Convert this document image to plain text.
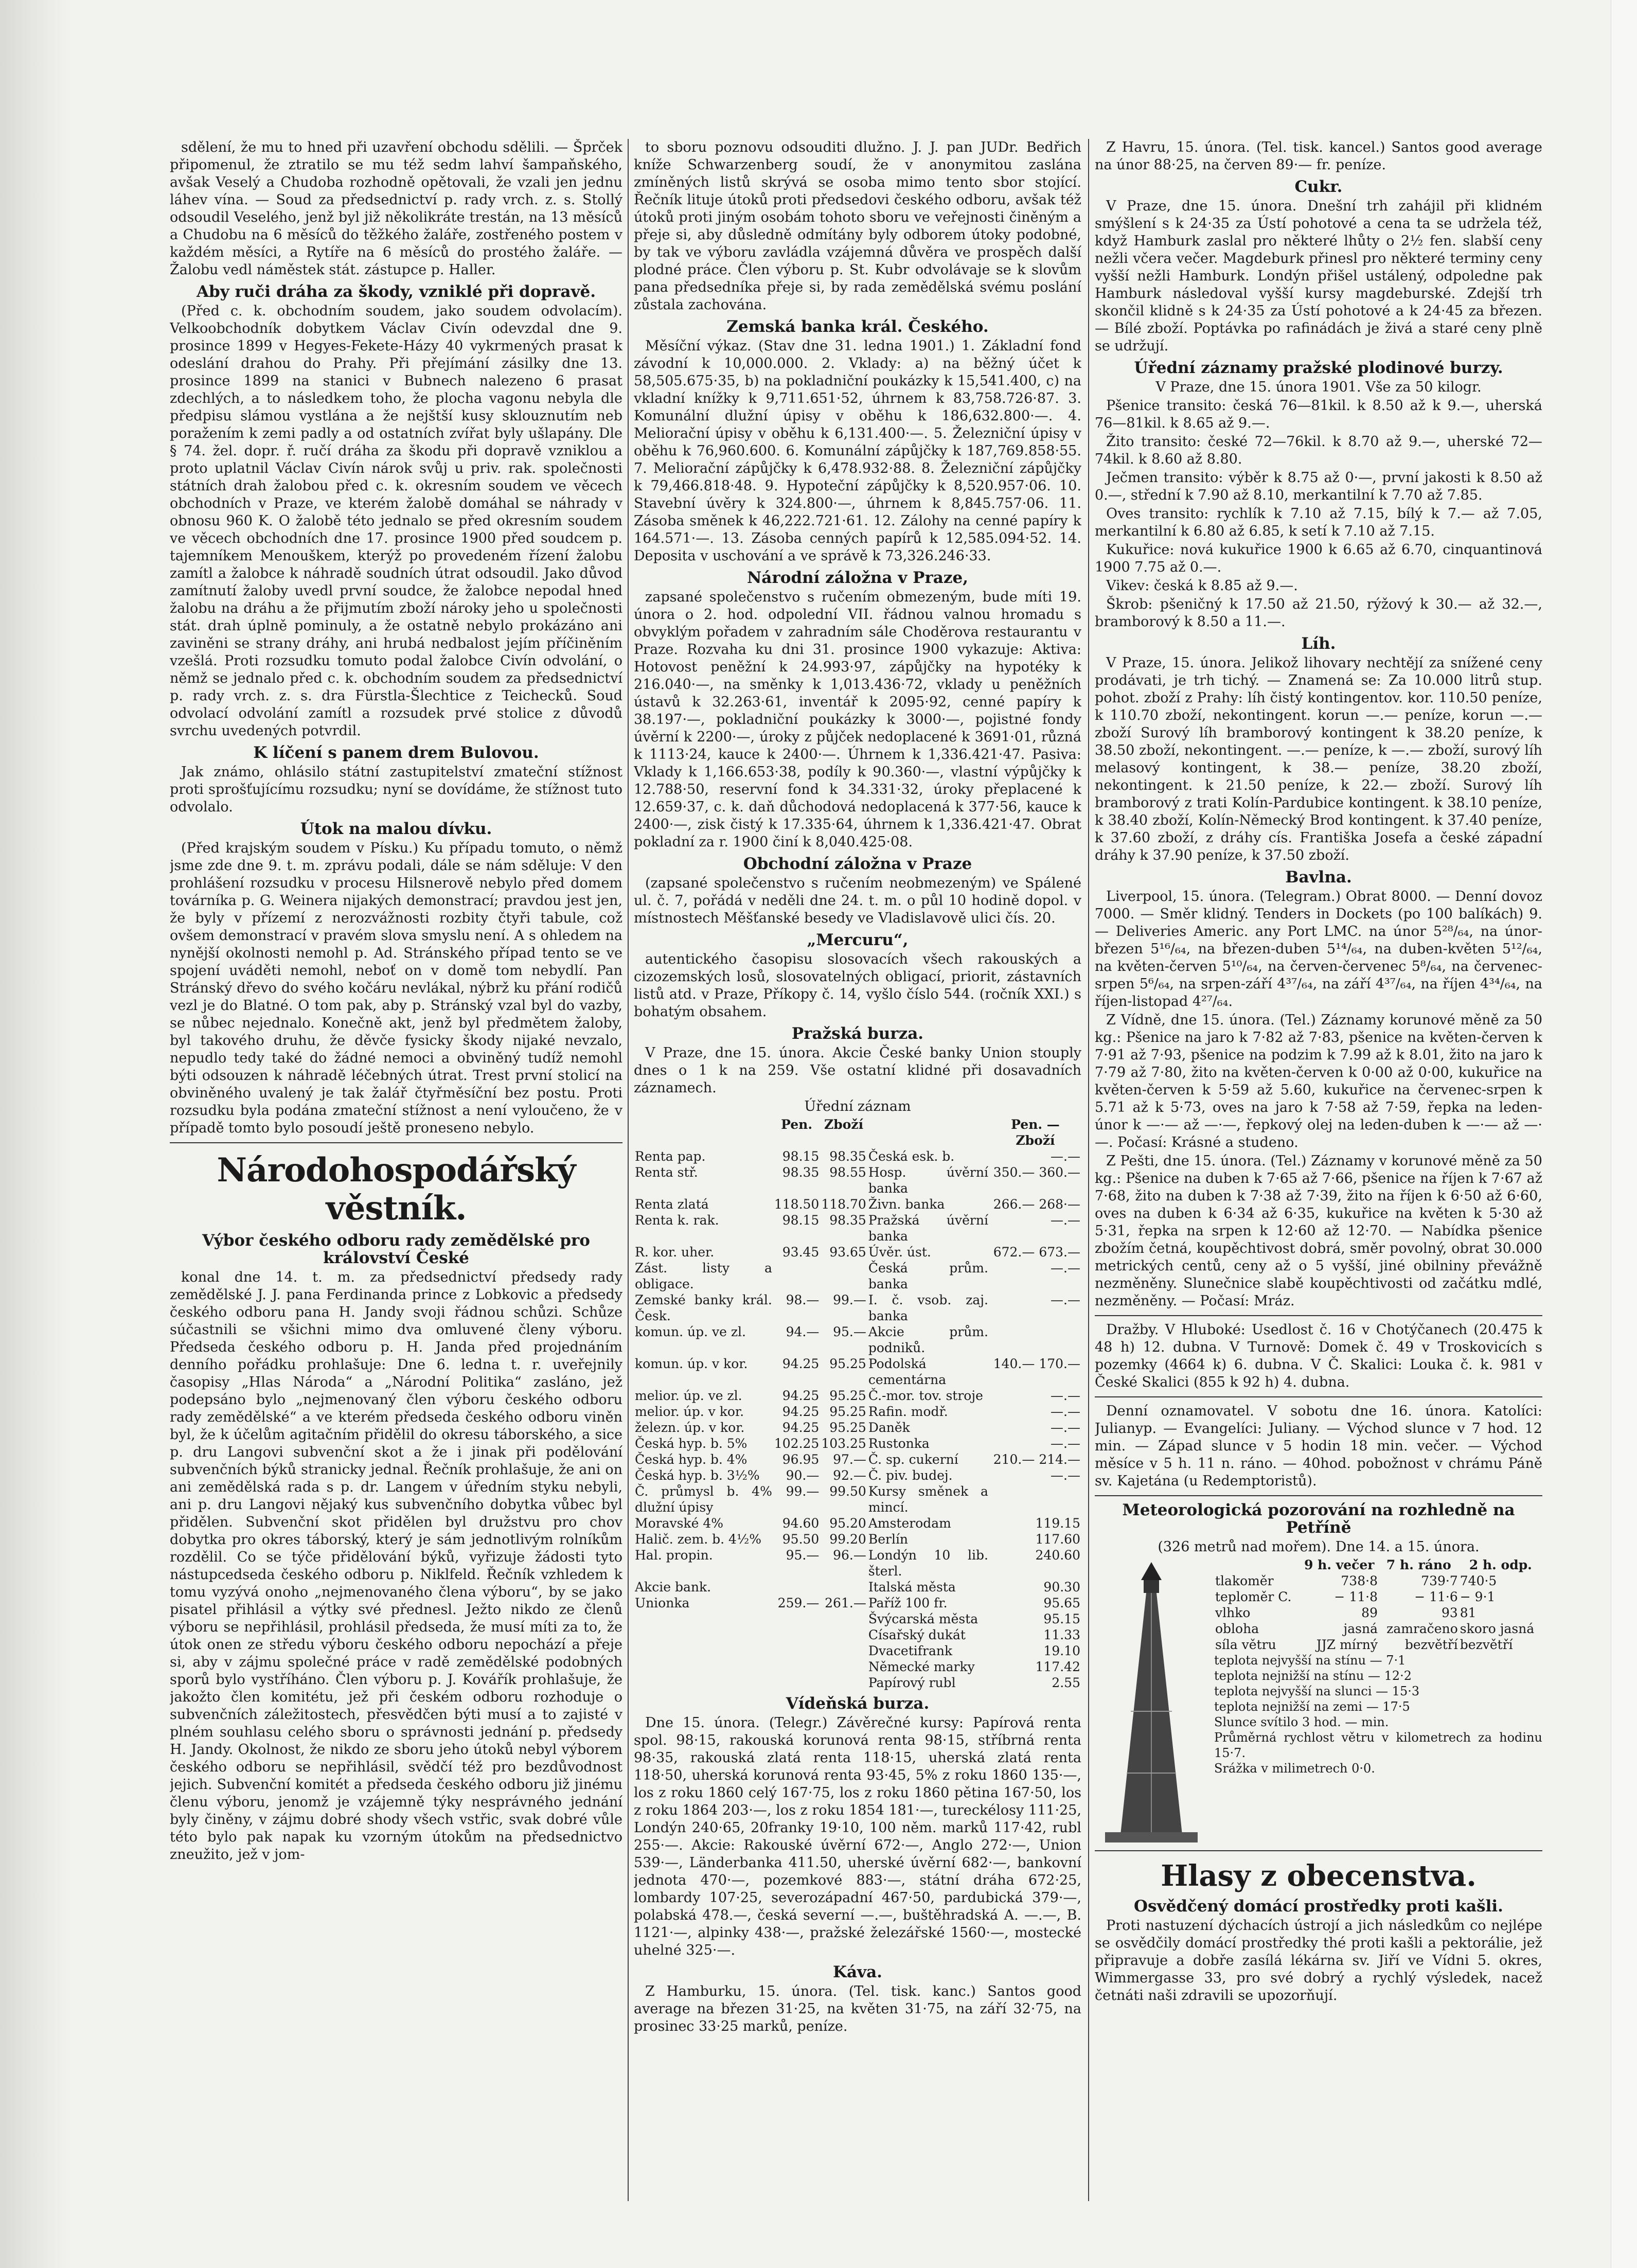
sdělení, že mu to hned při uzavření obchodu sdělili. — Šprček připomenul, že ztratilo se mu též sedm lahví šampaňského, avšak Veselý a Chudoba rozhodně opětovali, že vzali jen jednu láhev vína. — Soud za předsednictví p. rady vrch. z. s. Stollý odsoudil Veselého, jenž byl již několikráte trestán, na 13 měsíců a Chudobu na 6 měsíců do těžkého žaláře, zostřeného postem v každém měsíci, a Rytíře na 6 měsíců do prostého žaláře. — Žalobu vedl náměstek stát. zástupce p. Haller.

Aby ruči dráha za škody, vzniklé při dopravě.

(Před c. k. obchodním soudem, jako soudem odvolacím). Velkoobchodník dobytkem Václav Civín odevzdal dne 9. prosince 1899 v Hegyes-Fekete-Házy 40 vykrmených prasat k odeslání drahou do Prahy. Při přejímání zásilky dne 13. prosince 1899 na stanici v Bubnech nalezeno 6 prasat zdechlých, a to následkem toho, že plocha vagonu nebyla dle předpisu slámou vystlána a že nejštší kusy sklouznutím neb poražením k zemi padly a od ostatních zvířat byly ušlapány. Dle § 74. žel. dopr. ř. ručí dráha za škodu při dopravě vzniklou a proto uplatnil Václav Civín nárok svůj u priv. rak. společnosti státních drah žalobou před c. k. okresním soudem ve věcech obchodních v Praze, ve kterém žalobě domáhal se náhrady v obnosu 960 K. O žalobě této jednalo se před okresním soudem ve věcech obchodních dne 17. prosince 1900 před soudcem p. tajemníkem Menouškem, kterýž po provedeném řízení žalobu zamítl a žalobce k náhradě soudních útrat odsoudil. Jako důvod zamítnutí žaloby uvedl první soudce, že žalobce nepodal hned žalobu na dráhu a že přijmutím zboží nároky jeho u společnosti stát. drah úplně pominuly, a že ostatně nebylo prokázáno ani zaviněni se strany dráhy, ani hrubá nedbalost jejím příčiněním vzešlá. Proti rozsudku tomuto podal žalobce Civín odvolání, o němž se jednalo před c. k. obchodním soudem za předsednictví p. rady vrch. z. s. dra Fürstla-Šlechtice z Teichecků. Soud odvolací odvolání zamítl a rozsudek prvé stolice z důvodů svrchu uvedených potvrdil.

K líčení s panem drem Bulovou.

Jak známo, ohlásilo státní zastupitelství zmateční stížnost proti sprošťujícímu rozsudku; nyní se dovídáme, že stížnost tuto odvolalo.

Útok na malou dívku.

(Před krajským soudem v Písku.) Ku případu tomuto, o němž jsme zde dne 9. t. m. zprávu podali, dále se nám sděluje: V den prohlášení rozsudku v procesu Hilsnerově nebylo před domem továrníka p. G. Weinera nijakých demonstrací; pravdou jest jen, že byly v přízemí z nerozvážnosti rozbity čtyři tabule, což ovšem demonstrací v pravém slova smyslu není. A s ohledem na nynější okolnosti nemohl p. Ad. Stránského případ tento se ve spojení uváděti nemohl, neboť on v domě tom nebydlí. Pan Stránský dřevo do svého kočáru nevlákal, nýbrž ku přání rodičů vezl je do Blatné. O tom pak, aby p. Stránský vzal byl do vazby, se nůbec nejednalo. Konečně akt, jenž byl předmětem žaloby, byl takového druhu, že děvče fysicky škody nijaké nevzalo, nepudlo tedy také do žádné nemoci a obviněný tudíž nemohl býti odsouzen k náhradě léčebných útrat. Trest první stolicí na obviněného uvalený je tak žalář čtyřměsíční bez postu. Proti rozsudku byla podána zmateční stížnost a není vyloučeno, že v případě tomto bylo posoudí ještě proneseno nebylo.

Národohospodářský věstník.
Výbor českého odboru rady zemědělské pro království České

konal dne 14. t. m. za předsednictví předsedy rady zemědělské J. J. pana Ferdinanda prince z Lobkovic a předsedy českého odboru pana H. Jandy svoji řádnou schůzi. Schůze súčastnili se všichni mimo dva omluvené členy výboru. Předseda českého odboru p. H. Janda před projednáním denního pořádku prohlašuje: Dne 6. ledna t. r. uveřejnily časopisy „Hlas Národa“ a „Národní Politika“ zasláno, jež podepsáno bylo „nejmenovaný člen výboru českého odboru rady zemědělské“ a ve kterém předseda českého odboru viněn byl, že k účelům agitačním přidělil do okresu táborského, a sice p. dru Langovi subvenční skot a že i jinak při podělování subvenčních býků stranicky jednal. Řečník prohlašuje, že ani on ani zemědělská rada s p. dr. Langem v úředním styku nebyli, ani p. dru Langovi nějaký kus subvenčního dobytka vůbec byl přidělen. Subvenční skot přidělen byl družstvu pro chov dobytka pro okres táborský, který je sám jednotlivým rolníkům rozdělil. Co se týče přidělování býků, vyřizuje žádosti tyto nástupcedseda českého odboru p. Niklfeld. Řečník vzhledem k tomu vyzývá onoho „nejmenovaného člena výboru“, by se jako pisatel přihlásil a výtky své přednesl. Ježto nikdo ze členů výboru se nepřihlásil, prohlásil předseda, že musí míti za to, že útok onen ze středu výboru českého odboru nepochází a přeje si, aby v zájmu společné práce v radě zemědělské podobných sporů bylo vystříháno. Člen výboru p. J. Kovářík prohlašuje, že jakožto člen komitétu, jež při českém odboru rozhoduje o subvenčních záležitostech, přesvědčen býti musí a to zajisté v plném souhlasu celého sboru o správnosti jednání p. předsedy H. Jandy. Okolnost, že nikdo ze sboru jeho útoků nebyl výborem českého odboru se nepřihlásil, svědčí též pro bezdůvodnost jejich. Subvenční komitét a předseda českého odboru již jinému členu výboru, jenomž je vzájemně týky nesprávného jednání byly činěny, v zájmu dobré shody všech vstřic, svak dobré vůle této bylo pak napak ku vzorným útokům na předsednictvo zneužito, jež v jom-

to sboru poznovu odsouditi dlužno. J. J. pan JUDr. Bedřich kníže Schwarzenberg soudí, že v anonymitou zaslána zmíněných listů skrývá se osoba mimo tento sbor stojící. Řečník lituje útoků proti předsedovi českého odboru, avšak též útoků proti jiným osobám tohoto sboru ve veřejnosti činěným a přeje si, aby důsledně odmítány byly odborem útoky podobné, by tak ve výboru zavládla vzájemná důvěra ve prospěch další plodné práce. Člen výboru p. St. Kubr odvolávaje se k slovům pana předsedníka přeje si, by rada zemědělská svému poslání zůstala zachována.

Zemská banka král. Českého.

Měsíční výkaz. (Stav dne 31. ledna 1901.) 1. Základní fond závodní k 10,000.000. 2. Vklady: a) na běžný účet k 58,505.675·35, b) na pokladniční poukázky k 15,541.400, c) na vkladní knížky k 9,711.651·52, úhrnem k 83,758.726·87. 3. Komunální dlužní úpisy v oběhu k 186,632.800·—. 4. Meliorační úpisy v oběhu k 6,131.400·—. 5. Železniční úpisy v oběhu k 76,960.600. 6. Komunální zápůjčky k 187,769.858·55. 7. Meliorační zápůjčky k 6,478.932·88. 8. Železniční zápůjčky k 79,466.818·48. 9. Hypoteční zápůjčky k 8,520.957·06. 10. Stavební úvěry k 324.800·—, úhrnem k 8,845.757·06. 11. Zásoba směnek k 46,222.721·61. 12. Zálohy na cenné papíry k 164.571·—. 13. Zásoba cenných papírů k 12,585.094·52. 14. Deposita v uschování a ve správě k 73,326.246·33.

Národní záložna v Praze,

zapsané společenstvo s ručením obmezeným, bude míti 19. února o 2. hod. odpolední VII. řádnou valnou hromadu s obvyklým pořadem v zahradním sále Choděrova restaurantu v Praze. Rozvaha ku dni 31. prosince 1900 vykazuje: Aktiva: Hotovost peněžní k 24.993·97, zápůjčky na hypotéky k 216.040·—, na směnky k 1,013.436·72, vklady u peněžních ústavů k 32.263·61, inventář k 2095·92, cenné papíry k 38.197·—, pokladniční poukázky k 3000·—, pojistné fondy úvěrní k 2200·—, úroky z půjček nedoplacené k 3691·01, různá k 1113·24, kauce k 2400·—. Úhrnem k 1,336.421·47. Pasiva: Vklady k 1,166.653·38, podíly k 90.360·—, vlastní výpůjčky k 12.788·50, reservní fond k 34.331·32, úroky přeplacené k 12.659·37, c. k. daň důchodová nedoplacená k 377·56, kauce k 2400·—, zisk čistý k 17.335·64, úhrnem k 1,336.421·47. Obrat pokladní za r. 1900 činí k 8,040.425·08.

Obchodní záložna v Praze

(zapsané společenstvo s ručením neobmezeným) ve Spálené ul. č. 7, pořádá v neděli dne 24. t. m. o půl 10 hodině dopol. v místnostech Měšťanské besedy ve Vladislavově ulici čís. 20.

„Mercuru“,

autentického časopisu slosovacích všech rakouských a cizozemských losů, slosovatelných obligací, priorit, zástavních listů atd. v Praze, Příkopy č. 14, vyšlo číslo 544. (ročník XXI.) s bohatým obsahem.

Pražská burza.

V Praze, dne 15. února. Akcie České banky Union stouply dnes o 1 k na 259. Vše ostatní klidné při dosavadních záznamech.

Úřední záznam

	Pen.	Zboží		Pen. — Zboží
Renta pap.	98.15	98.35	Česká esk. b.	—.—
Renta stř.	98.35	98.55	Hosp. úvěrní banka	350.— 360.—
Renta zlatá	118.50	118.70	Živn. banka	266.— 268·—
Renta k. rak.	98.15	98.35	Pražská úvěrní banka	—.—
R. kor. uher.	93.45	93.65	Úvěr. úst.	672.— 673.—
Zást. listy a obligace.			Česká prům. banka	—.—
Zemské banky král. Česk.	98.—	99.—	I. č. vsob. zaj. banka	—.—
komun. úp. ve zl.	94.—	95.—	Akcie prům. podniků.	
komun. úp. v kor.	94.25	95.25	Podolská cementárna	140.— 170.—
melior. úp. ve zl.	94.25	95.25	Č.-mor. tov. stroje	—.—
melior. úp. v kor.	94.25	95.25	Rafin. modř.	—.—
železn. úp. v kor.	94.25	95.25	Daněk	—.—
Česká hyp. b. 5%	102.25	103.25	Rustonka	—.—
Česká hyp. b. 4%	96.95	97.—	Č. sp. cukerní	210.— 214.—
Česká hyp. b. 3½%	90.—	92.—	Č. piv. budej.	—.—
Č. průmysl b. 4% dlužní úpisy	99.—	99.50	Kursy směnek a mincí.	
Moravské 4%	94.60	95.20	Amsterodam	119.15
Halič. zem. b. 4½%	95.50	99.20	Berlín	117.60
Hal. propin.	95.—	96.—	Londýn 10 lib. šterl.	240.60
Akcie bank.			Italská města	90.30
Unionka	259.—	261.—	Paříž 100 fr.	95.65
			Švýcarská města	95.15
			Císařský dukát	11.33
			Dvacetifrank	19.10
			Německé marky	117.42
			Papírový rubl	2.55
Vídeňská burza.

Dne 15. února. (Telegr.) Závěrečné kursy: Papírová renta spol. 98·15, rakouská korunová renta 98·15, stříbrná renta 98·35, rakouská zlatá renta 118·15, uherská zlatá renta 118·50, uherská korunová renta 93·45, 5% z roku 1860 135·—, los z roku 1860 celý 167·75, los z roku 1860 pětina 167·50, los z roku 1864 203·—, los z roku 1854 181·—, tureckélosy 111·25, Londýn 240·65, 20franky 19·10, 100 něm. marků 117·42, rubl 255·—. Akcie: Rakouské úvěrní 672·—, Anglo 272·—, Union 539·—, Länderbanka 411.50, uherské úvěrní 682·—, bankovní jednota 470·—, pozemkové 883·—, státní dráha 672·25, lombardy 107·25, severozápadní 467·50, pardubická 379·—, polabská 478.—, česká severní —.—, buštěhradská A. —.—, B. 1121·—, alpinky 438·—, pražské železářské 1560·—, mostecké uhelné 325·—.

Káva.

Z Hamburku, 15. února. (Tel. tisk. kanc.) Santos good average na březen 31·25, na květen 31·75, na září 32·75, na prosinec 33·25 marků, peníze.

Z Havru, 15. února. (Tel. tisk. kancel.) Santos good average na únor 88·25, na červen 89·— fr. peníze.

Cukr.

V Praze, dne 15. února. Dnešní trh zahájil při klidném smýšlení s k 24·35 za Ústí pohotové a cena ta se udržela též, když Hamburk zaslal pro některé lhůty o 2½ fen. slabší ceny nežli včera večer. Magdeburk přinesl pro některé terminy ceny vyšší nežli Hamburk. Londýn přišel ustálený, odpoledne pak Hamburk následoval vyšší kursy magdeburské. Zdejší trh skončil klidně s k 24·35 za Ústí pohotové a k 24·45 za březen. — Bílé zboží. Poptávka po rafinádách je živá a staré ceny plně se udržují.

Úřední záznamy pražské plodinové burzy.

V Praze, dne 15. února 1901. Vše za 50 kilogr.

Pšenice transito: česká 76—81kil. k 8.50 až k 9.—, uherská 76—81kil. k 8.65 až 9.—.

Žito transito: české 72—76kil. k 8.70 až 9.—, uherské 72—74kil. k 8.60 až 8.80.

Ječmen transito: výběr k 8.75 až 0·—, první jakosti k 8.50 až 0.—, střední k 7.90 až 8.10, merkantilní k 7.70 až 7.85.

Oves transito: rychlík k 7.10 až 7.15, bílý k 7.— až 7.05, merkantilní k 6.80 až 6.85, k setí k 7.10 až 7.15.

Kukuřice: nová kukuřice 1900 k 6.65 až 6.70, cinquantinová 1900 7.75 až 0.—.

Vikev: česká k 8.85 až 9.—.

Škrob: pšeničný k 17.50 až 21.50, rýžový k 30.— až 32.—, bramborový k 8.50 a 11.—.

Líh.

V Praze, 15. února. Jelikož lihovary nechtějí za snížené ceny prodávati, je trh tichý. — Znamená se: Za 10.000 litrů stup. pohot. zboží z Prahy: líh čistý kontingentov. kor. 110.50 peníze, k 110.70 zboží, nekontingent. korun —.— peníze, korun —.— zboží Surový líh bramborový kontingent k 38.20 peníze, k 38.50 zboží, nekontingent. —.— peníze, k —.— zboží, surový líh melasový kontingent, k 38.— peníze, 38.20 zboží, nekontingent. k 21.50 peníze, k 22.— zboží. Surový líh bramborový z trati Kolín-Pardubice kontingent. k 38.10 peníze, k 38.40 zboží, Kolín-Německý Brod kontingent. k 37.40 peníze, k 37.60 zboží, z dráhy cís. Františka Josefa a české západní dráhy k 37.90 peníze, k 37.50 zboží.

Bavlna.

Liverpool, 15. února. (Telegram.) Obrat 8000. — Denní dovoz 7000. — Směr klidný. Tenders in Dockets (po 100 balíkách) 9. — Deliveries Americ. any Port LMC. na únor 5²⁸/₆₄, na únor-březen 5¹⁶/₆₄, na březen-duben 5¹⁴/₆₄, na duben-květen 5¹²/₆₄, na květen-červen 5¹⁰/₆₄, na červen-červenec 5⁸/₆₄, na červenec-srpen 5⁶/₆₄, na srpen-září 4³⁷/₆₄, na září 4³⁷/₆₄, na říjen 4³⁴/₆₄, na říjen-listopad 4²⁷/₆₄.

Z Vídně, dne 15. února. (Tel.) Záznamy korunové měně za 50 kg.: Pšenice na jaro k 7·82 až 7·83, pšenice na květen-červen k 7·91 až 7·93, pšenice na podzim k 7.99 až k 8.01, žito na jaro k 7·79 až 7·80, žito na květen-červen k 0·00 až 0·00, kukuřice na květen-červen k 5·59 až 5.60, kukuřice na červenec-srpen k 5.71 až k 5·73, oves na jaro k 7·58 až 7·59, řepka na leden-únor k —·— až —·—, řepkový olej na leden-duben k —·— až —·—. Počasí: Krásné a studeno.

Z Pešti, dne 15. února. (Tel.) Záznamy v korunové měně za 50 kg.: Pšenice na duben k 7·65 až 7·66, pšenice na říjen k 7·67 až 7·68, žito na duben k 7·38 až 7·39, žito na říjen k 6·50 až 6·60, oves na duben k 6·34 až 6·35, kukuřice na květen k 5·30 až 5·31, řepka na srpen k 12·60 až 12·70. — Nabídka pšenice zbožím četná, koupěchtivost dobrá, směr povolný, obrat 30.000 metrických centů, ceny až o 5 vyšší, jiné obilniny převážně nezměněny. Slunečnice slabě koupěchtivosti od začátku mdlé, nezměněny. — Počasí: Mráz.

Dražby. V Hluboké: Usedlost č. 16 v Chotýčanech (20.475 k 48 h) 12. dubna. V Turnově: Domek č. 49 v Troskovicích s pozemky (4664 k) 6. dubna. V Č. Skalici: Louka č. k. 981 v České Skalici (855 k 92 h) 4. dubna.

Denní oznamovatel. V sobotu dne 16. února. Katolíci: Julianyp. — Evangelíci: Juliany. — Východ slunce v 7 hod. 12 min. — Západ slunce v 5 hodin 18 min. večer. — Východ měsíce v 5 h. 11 n. ráno. — 40hod. pobožnost v chrámu Páně sv. Kajetána (u Redemptoristů).

Meteorologická pozorování na rozhledně na Petříně

(326 metrů nad mořem). Dne 14. a 15. února.

	9 h. večer	7 h. ráno	2 h. odp.
tlakoměr	738·8	739·7	740·5
teploměr C.	− 11·8	− 11·6	− 9·1
vlhko	89	93	81
obloha	jasná	zamračeno	skoro jasná
síla větru	JJZ mírný	bezvětří	bezvětří
teplota nejvyšší na stínu — 7·1
teplota nejnižší na stínu — 12·2
teplota nejvyšší na slunci — 15·3
teplota nejnižší na zemi — 17·5
Slunce svítilo 3 hod. — min.
Průměrná rychlost větru v kilometrech za hodinu 15·7.
Srážka v milimetrech 0·0.
Hlasy z obecenstva.
Osvědčený domácí prostředky proti kašli.

Proti nastuzení dýchacích ústrojí a jich následkům co nejlépe se osvědčily domácí prostředky thé proti kašli a pektorálie, jež připravuje a dobře zasílá lékárna sv. Jiří ve Vídni 5. okres, Wimmergasse 33, pro své dobrý a rychlý výsledek, nacež četnáti naši zdravili se upozorňují.
